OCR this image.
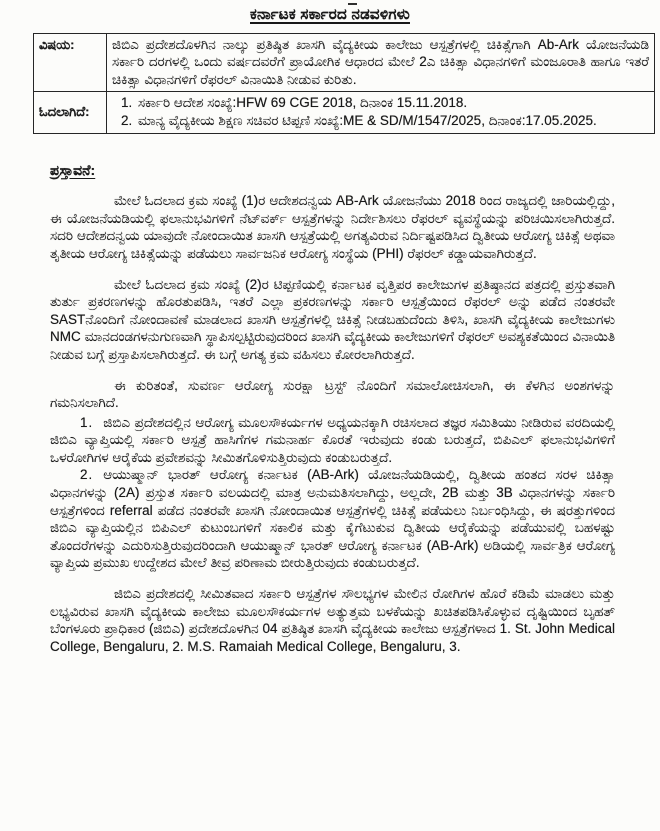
ಕರ್ನಾಟಕ ಸರ್ಕಾರದ ನಡವಳಿಗಳು
ವಿಷಯ:	ಜಿಬಿಎ ಪ್ರದೇಶದೊಳಗಿನ ನಾಲ್ಕು ಪ್ರತಿಷ್ಠಿತ ಖಾಸಗಿ ವೈದ್ಯಕೀಯ ಕಾಲೇಜು ಆಸ್ಪತ್ರೆಗಳಲ್ಲಿ ಚಿಕಿತ್ಸೆಗಾಗಿ Ab-Ark ಯೋಜನೆಯಡಿ ಸರ್ಕಾರಿ ದರಗಳಲ್ಲಿ ಒಂದು ವರ್ಷದವರೆಗೆ ಪ್ರಾಯೋಗಿಕ ಆಧಾರದ ಮೇಲೆ 2ಎ ಚಿಕಿತ್ಸಾ ವಿಧಾನಗಳಿಗೆ ಮಂಜೂರಾತಿ ಹಾಗೂ ಇತರೆ ಚಿಕಿತ್ಸಾ ವಿಧಾನಗಳಿಗೆ ರೆಫರಲ್ ವಿನಾಯಿತಿ ನೀಡುವ ಕುರಿತು.
ಓದಲಾಗಿದೆ:	
1. ಸರ್ಕಾರಿ ಆದೇಶ ಸಂಖ್ಯೆ:HFW 69 CGE 2018, ದಿನಾಂಕ 15.11.2018.
2. ಮಾನ್ಯ ವೈದ್ಯಕೀಯ ಶಿಕ್ಷಣ ಸಚಿವರ ಟಿಪ್ಪಣಿ ಸಂಖ್ಯೆ:ME & SD/M/1547/2025, ದಿನಾಂಕ:17.05.2025.
ಪ್ರಸ್ತಾವನೆ:

ಮೇಲೆ ಓದಲಾದ ಕ್ರಮ ಸಂಖ್ಯೆ (1)ರ ಆದೇಶದನ್ವಯ AB-Ark ಯೋಜನೆಯು 2018 ರಿಂದ ರಾಜ್ಯದಲ್ಲಿ ಜಾರಿಯಲ್ಲಿದ್ದು, ಈ ಯೋಜನೆಯಡಿಯಲ್ಲಿ ಫಲಾನುಭವಿಗಳಿಗೆ ನೆಟ್‌ವರ್ಕ್ ಆಸ್ಪತ್ರೆಗಳನ್ನು ನಿರ್ದೇಶಿಸಲು ರೆಫರಲ್ ವ್ಯವಸ್ಥೆಯನ್ನು ಪರಿಚಯಿಸಲಾಗಿರುತ್ತದೆ. ಸದರಿ ಆದೇಶದನ್ವಯ ಯಾವುದೇ ನೋಂದಾಯಿತ ಖಾಸಗಿ ಆಸ್ಪತ್ರೆಯಲ್ಲಿ ಅಗತ್ಯವಿರುವ ನಿರ್ದಿಷ್ಟಪಡಿಸಿದ ದ್ವಿತೀಯ ಆರೋಗ್ಯ ಚಿಕಿತ್ಸೆ ಅಥವಾ ತೃತೀಯ ಆರೋಗ್ಯ ಚಿಕಿತ್ಸೆಯನ್ನು ಪಡೆಯಲು ಸಾರ್ವಜನಿಕ ಆರೋಗ್ಯ ಸಂಸ್ಥೆಯ (PHI) ರೆಫರಲ್ ಕಡ್ಡಾಯವಾಗಿರುತ್ತದೆ.

ಮೇಲೆ ಓದಲಾದ ಕ್ರಮ ಸಂಖ್ಯೆ (2)ರ ಟಿಪ್ಪಣಿಯಲ್ಲಿ ಕರ್ನಾಟಕ ವೃತ್ತಿಪರ ಕಾಲೇಜುಗಳ ಪ್ರತಿಷ್ಠಾನದ ಪತ್ರದಲ್ಲಿ ಪ್ರಸ್ತುತವಾಗಿ ತುರ್ತು ಪ್ರಕರಣಗಳನ್ನು ಹೊರತುಪಡಿಸಿ, ಇತರೆ ಎಲ್ಲಾ ಪ್ರಕರಣಗಳನ್ನು ಸರ್ಕಾರಿ ಆಸ್ಪತ್ರೆಯಿಂದ ರೆಫರಲ್ ಅನ್ನು ಪಡೆದ ನಂತರವೇ SASTನೊಂದಿಗೆ ನೋಂದಾವಣೆ ಮಾಡಲಾದ ಖಾಸಗಿ ಆಸ್ಪತ್ರೆಗಳಲ್ಲಿ ಚಿಕಿತ್ಸೆ ನೀಡಬಹುದೆಂದು ತಿಳಿಸಿ, ಖಾಸಗಿ ವೈದ್ಯಕೀಯ ಕಾಲೇಜುಗಳು NMC ಮಾನದಂಡಗಳನುಗುಣವಾಗಿ ಸ್ಥಾಪಿಸಲ್ಪಟ್ಟಿರುವುದರಿಂದ ಖಾಸಗಿ ವೈದ್ಯಕೀಯ ಕಾಲೇಜುಗಳಿಗೆ ರೆಫರಲ್ ಅವಶ್ಯಕತೆಯಿಂದ ವಿನಾಯಿತಿ ನೀಡುವ ಬಗ್ಗೆ ಪ್ರಸ್ತಾಪಿಸಲಾಗಿರುತ್ತದೆ. ಈ ಬಗ್ಗೆ ಅಗತ್ಯ ಕ್ರಮ ವಹಿಸಲು ಕೋರಲಾಗಿರುತ್ತದೆ.

ಈ ಕುರಿತಂತೆ, ಸುವರ್ಣ ಆರೋಗ್ಯ ಸುರಕ್ಷಾ ಟ್ರಸ್ಟ್ ನೊಂದಿಗೆ ಸಮಾಲೋಚಿಸಲಾಗಿ, ಈ ಕೆಳಗಿನ ಅಂಶಗಳನ್ನು ಗಮನಿಸಲಾಗಿದೆ.

1. ಜಿಬಿಎ ಪ್ರದೇಶದಲ್ಲಿನ ಆರೋಗ್ಯ ಮೂಲಸೌಕರ್ಯಗಳ ಅಧ್ಯಯನಕ್ಕಾಗಿ ರಚಿಸಲಾದ ತಜ್ಞರ ಸಮಿತಿಯು ನೀಡಿರುವ ವರದಿಯಲ್ಲಿ ಜಿಬಿಎ ವ್ಯಾಪ್ತಿಯಲ್ಲಿ ಸರ್ಕಾರಿ ಆಸ್ಪತ್ರೆ ಹಾಸಿಗೆಗಳ ಗಮನಾರ್ಹ ಕೊರತೆ ಇರುವುದು ಕಂಡು ಬರುತ್ತದೆ, ಬಿಪಿಎಲ್ ಫಲಾನುಭವಿಗಳಿಗೆ ಒಳರೋಗಿಗಳ ಆರೈಕೆಯ ಪ್ರವೇಶವನ್ನು ಸೀಮಿತಗೊಳಿಸುತ್ತಿರುವುದು ಕಂಡುಬರುತ್ತದೆ.

2. ಆಯುಷ್ಮಾನ್ ಭಾರತ್ ಆರೋಗ್ಯ ಕರ್ನಾಟಕ (AB-Ark) ಯೋಜನೆಯಡಿಯಲ್ಲಿ, ದ್ವಿತೀಯ ಹಂತದ ಸರಳ ಚಿಕಿತ್ಸಾ ವಿಧಾನಗಳನ್ನು (2A) ಪ್ರಸ್ತುತ ಸರ್ಕಾರಿ ವಲಯದಲ್ಲಿ ಮಾತ್ರ ಅನುಮತಿಸಲಾಗಿದ್ದು, ಅಲ್ಲದೇ, 2B ಮತ್ತು 3B ವಿಧಾನಗಳನ್ನು ಸರ್ಕಾರಿ ಆಸ್ಪತ್ರೆಗಳಿಂದ referral ಪಡೆದ ನಂತರವೇ ಖಾಸಗಿ ನೋಂದಾಯಿತ ಆಸ್ಪತ್ರೆಗಳಲ್ಲಿ ಚಿಕಿತ್ಸೆ ಪಡೆಯಲು ನಿರ್ಬಂಧಿಸಿದ್ದು, ಈ ಷರತ್ತುಗಳಿಂದ ಜಿಬಿಎ ವ್ಯಾಪ್ತಿಯಲ್ಲಿನ ಬಿಪಿಎಲ್ ಕುಟುಂಬಗಳಿಗೆ ಸಕಾಲಿಕ ಮತ್ತು ಕೈಗೆಟುಕುವ ದ್ವಿತೀಯ ಆರೈಕೆಯನ್ನು ಪಡೆಯುವಲ್ಲಿ ಬಹಳಷ್ಟು ತೊಂದರೆಗಳನ್ನು ಎದುರಿಸುತ್ತಿರುವುದರಿಂದಾಗಿ ಆಯುಷ್ಮಾನ್ ಭಾರತ್ ಆರೋಗ್ಯ ಕರ್ನಾಟಕ (AB-Ark) ಅಡಿಯಲ್ಲಿ ಸಾರ್ವತ್ರಿಕ ಆರೋಗ್ಯ ವ್ಯಾಪ್ತಿಯ ಪ್ರಮುಖ ಉದ್ದೇಶದ ಮೇಲೆ ತೀವ್ರ ಪರಿಣಾಮ ಬೀರುತ್ತಿರುವುದು ಕಂಡುಬರುತ್ತದೆ.

ಜಿಬಿಎ ಪ್ರದೇಶದಲ್ಲಿ ಸೀಮಿತವಾದ ಸರ್ಕಾರಿ ಆಸ್ಪತ್ರೆಗಳ ಸೌಲಭ್ಯಗಳ ಮೇಲಿನ ರೋಗಿಗಳ ಹೊರೆ ಕಡಿಮೆ ಮಾಡಲು ಮತ್ತು ಲಭ್ಯವಿರುವ ಖಾಸಗಿ ವೈದ್ಯಕೀಯ ಕಾಲೇಜು ಮೂಲಸೌಕರ್ಯಗಳ ಅತ್ಯುತ್ತಮ ಬಳಕೆಯನ್ನು ಖಚಿತಪಡಿಸಿಕೊಳ್ಳುವ ದೃಷ್ಟಿಯಿಂದ ಬೃಹತ್ ಬೆಂಗಳೂರು ಪ್ರಾಧಿಕಾರ (ಜಿಬಿಎ) ಪ್ರದೇಶದೊಳಗಿನ 04 ಪ್ರತಿಷ್ಠಿತ ಖಾಸಗಿ ವೈದ್ಯಕೀಯ ಕಾಲೇಜು ಆಸ್ಪತ್ರೆಗಳಾದ 1. St. John Medical College, Bengaluru, 2. M.S. Ramaiah Medical College, Bengaluru, 3.
